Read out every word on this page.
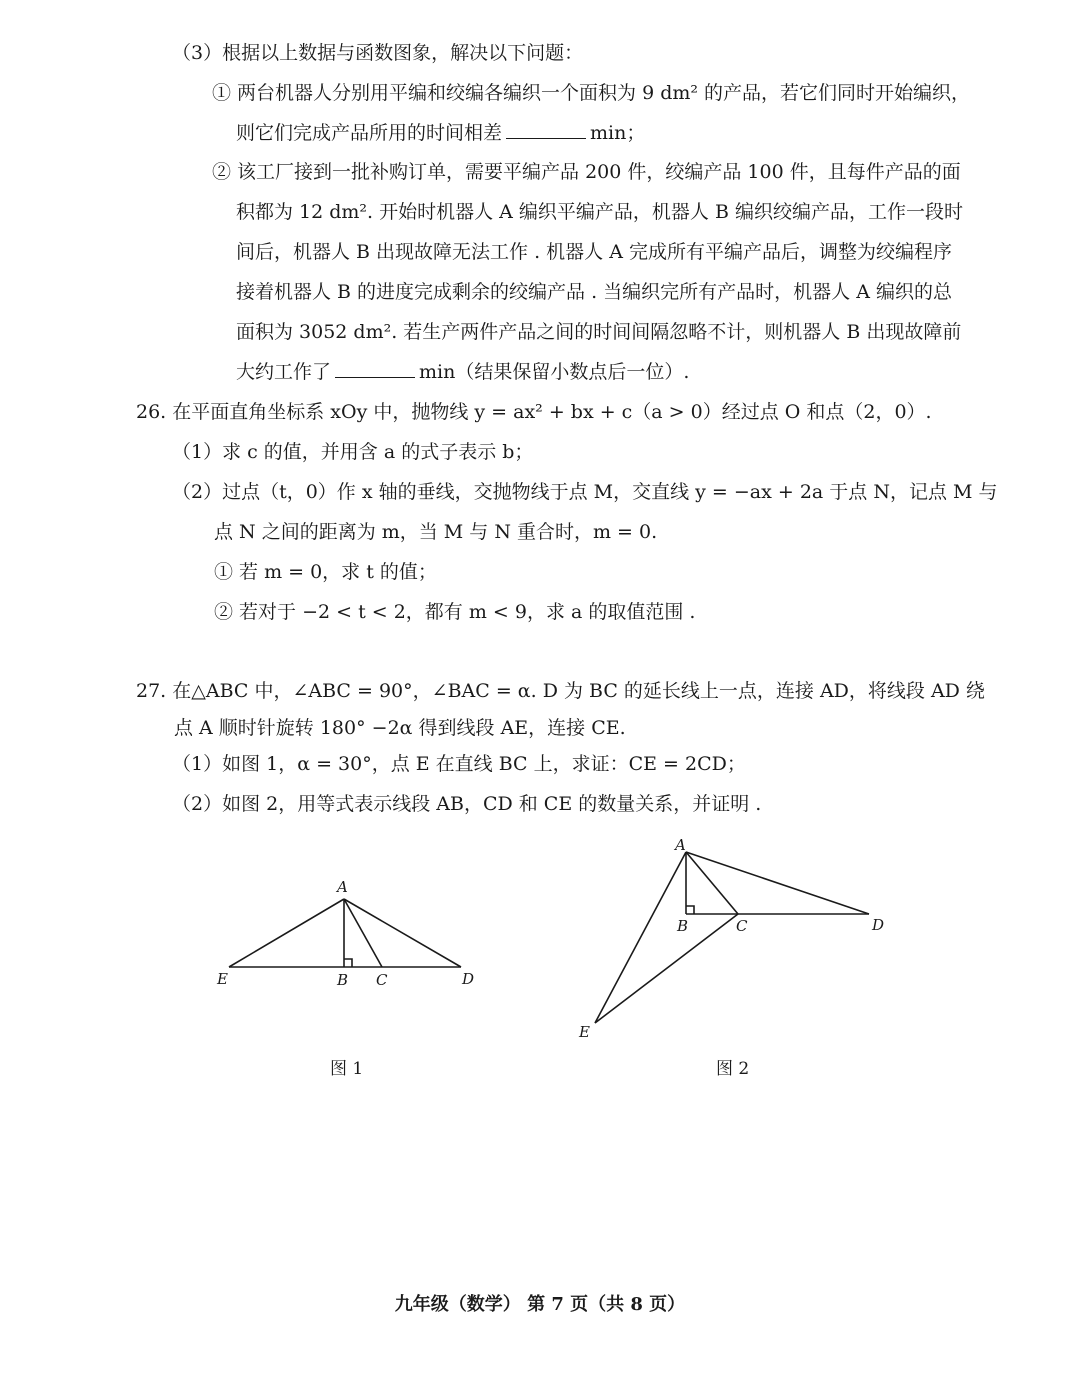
（3）根据以上数据与函数图象，解决以下问题：
① 两台机器人分别用平编和绞编各编织一个面积为 9 dm² 的产品，若它们同时开始编织，
则它们完成产品所用的时间相差	min；
② 该工厂接到一批补购订单，需要平编产品 200 件，绞编产品 100 件，且每件产品的面
积都为 12 dm². 开始时机器人 A 编织平编产品，机器人 B 编织绞编产品，工作一段时
间后，机器人 B 出现故障无法工作 . 机器人 A 完成所有平编产品后，调整为绞编程序
接着机器人 B 的进度完成剩余的绞编产品 . 当编织完所有产品时，机器人 A 编织的总
面积为 3052 dm². 若生产两件产品之间的时间间隔忽略不计，则机器人 B 出现故障前
大约工作了	min（结果保留小数点后一位）.
26. 在平面直角坐标系 xOy 中，抛物线 y = ax² + bx + c（a > 0）经过点 O 和点（2，0）.
（1）求 c 的值，并用含 a 的式子表示 b；
（2）过点（t，0）作 x 轴的垂线，交抛物线于点 M，交直线 y = −ax + 2a 于点 N，记点 M 与
点 N 之间的距离为 m，当 M 与 N 重合时，m = 0.
① 若 m = 0，求 t 的值；
② 若对于 −2 < t < 2，都有 m < 9，求 a 的取值范围 .
27. 在△ABC 中，∠ABC = 90°，∠BAC = α. D 为 BC 的延长线上一点，连接 AD，将线段 AD 绕
点 A 顺时针旋转 180° −2α 得到线段 AE，连接 CE.
（1）如图 1，α = 30°，点 E 在直线 BC 上，求证：CE = 2CD；
（2）如图 2，用等式表示线段 AB，CD 和 CE 的数量关系，并证明 .
A
E	B C	D
图 1
A
B	C	D
E
图 2
九年级（数学） 第 7 页（共 8 页）
